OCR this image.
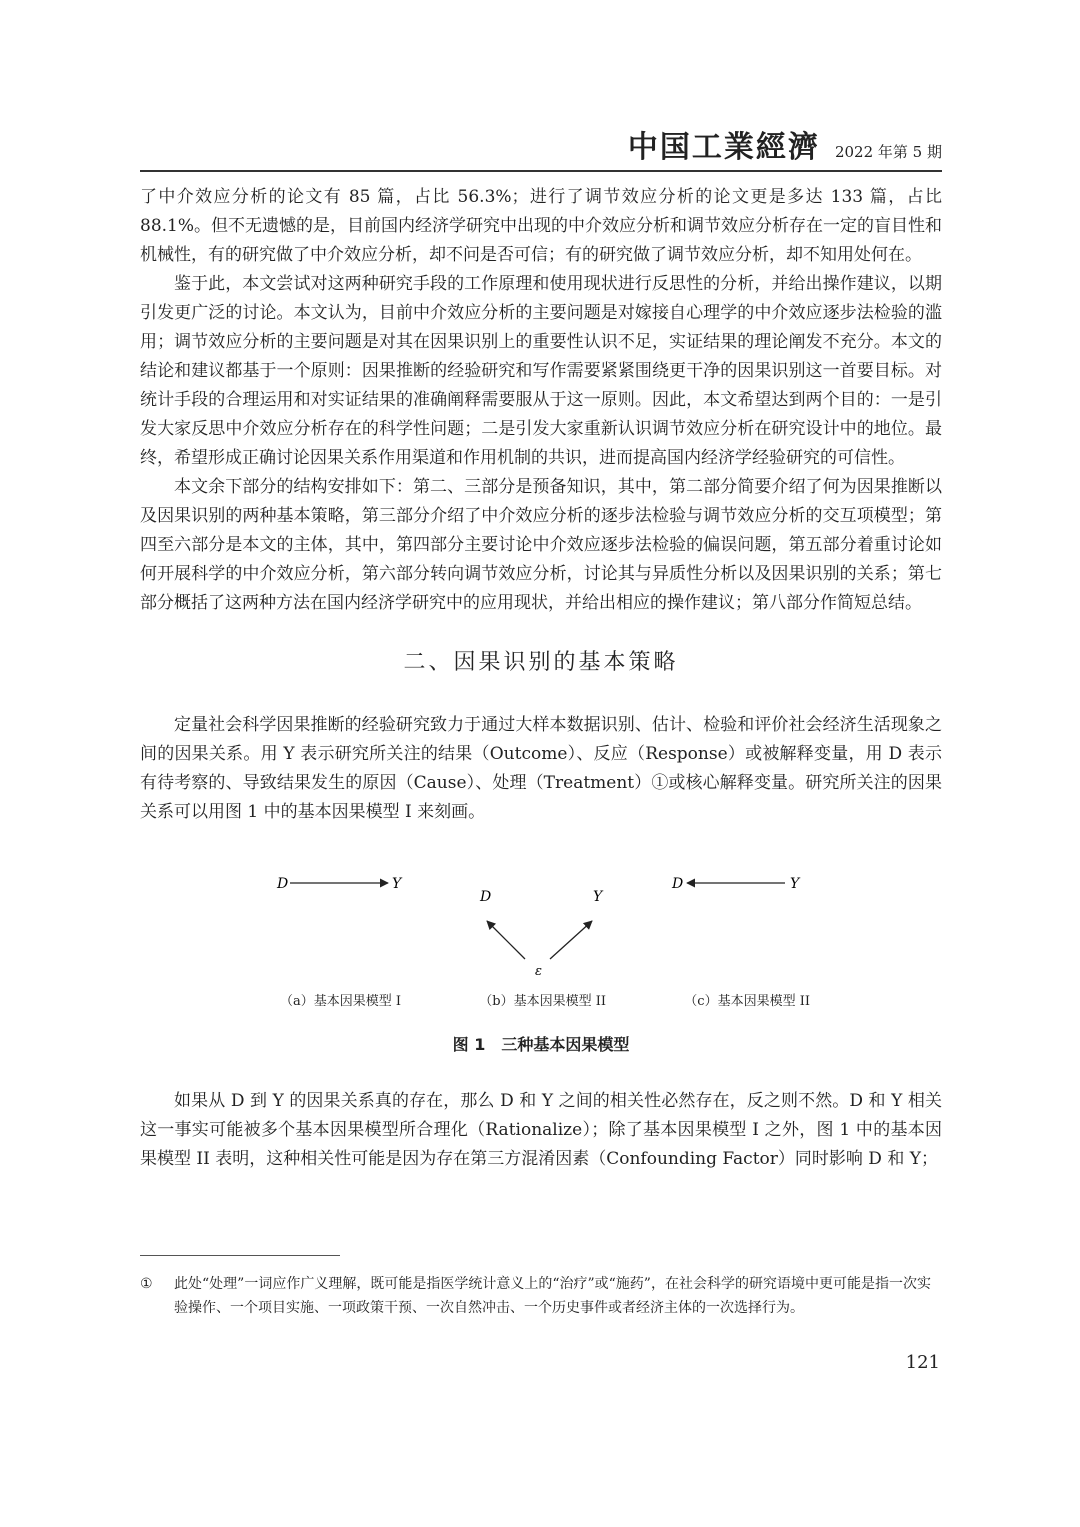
中国工業經濟 2022 年第 5 期

了中介效应分析的论文有 85 篇，占比 56.3%；进行了调节效应分析的论文更是多达 133 篇，占比 88.1%。但不无遗憾的是，目前国内经济学研究中出现的中介效应分析和调节效应分析存在一定的盲目性和机械性，有的研究做了中介效应分析，却不问是否可信；有的研究做了调节效应分析，却不知用处何在。

鉴于此，本文尝试对这两种研究手段的工作原理和使用现状进行反思性的分析，并给出操作建议，以期引发更广泛的讨论。本文认为，目前中介效应分析的主要问题是对嫁接自心理学的中介效应逐步法检验的滥用；调节效应分析的主要问题是对其在因果识别上的重要性认识不足，实证结果的理论阐发不充分。本文的结论和建议都基于一个原则：因果推断的经验研究和写作需要紧紧围绕更干净的因果识别这一首要目标。对统计手段的合理运用和对实证结果的准确阐释需要服从于这一原则。因此，本文希望达到两个目的：一是引发大家反思中介效应分析存在的科学性问题；二是引发大家重新认识调节效应分析在研究设计中的地位。最终，希望形成正确讨论因果关系作用渠道和作用机制的共识，进而提高国内经济学经验研究的可信性。

本文余下部分的结构安排如下：第二、三部分是预备知识，其中，第二部分简要介绍了何为因果推断以及因果识别的两种基本策略，第三部分介绍了中介效应分析的逐步法检验与调节效应分析的交互项模型；第四至六部分是本文的主体，其中，第四部分主要讨论中介效应逐步法检验的偏误问题，第五部分着重讨论如何开展科学的中介效应分析，第六部分转向调节效应分析，讨论其与异质性分析以及因果识别的关系；第七部分概括了这两种方法在国内经济学研究中的应用现状，并给出相应的操作建议；第八部分作简短总结。

二、因果识别的基本策略

定量社会科学因果推断的经验研究致力于通过大样本数据识别、估计、检验和评价社会经济生活现象之间的因果关系。用 Y 表示研究所关注的结果（Outcome）、反应（Response）或被解释变量，用 D 表示有待考察的、导致结果发生的原因（Cause）、处理（Treatment）①或核心解释变量。研究所关注的因果关系可以用图 1 中的基本因果模型 I 来刻画。

D	Y
D	Y
ε
D	Y
（a）基本因果模型 I	（b）基本因果模型 II	（c）基本因果模型 II
图 1　三种基本因果模型

如果从 D 到 Y 的因果关系真的存在，那么 D 和 Y 之间的相关性必然存在，反之则不然。D 和 Y 相关这一事实可能被多个基本因果模型所合理化（Rationalize）；除了基本因果模型 I 之外，图 1 中的基本因果模型 II 表明，这种相关性可能是因为存在第三方混淆因素（Confounding Factor）同时影响 D 和 Y；

①	此处“处理”一词应作广义理解，既可能是指医学统计意义上的“治疗”或“施药”，在社会科学的研究语境中更可能是指一次实验操作、一个项目实施、一项政策干预、一次自然冲击、一个历史事件或者经济主体的一次选择行为。
121
